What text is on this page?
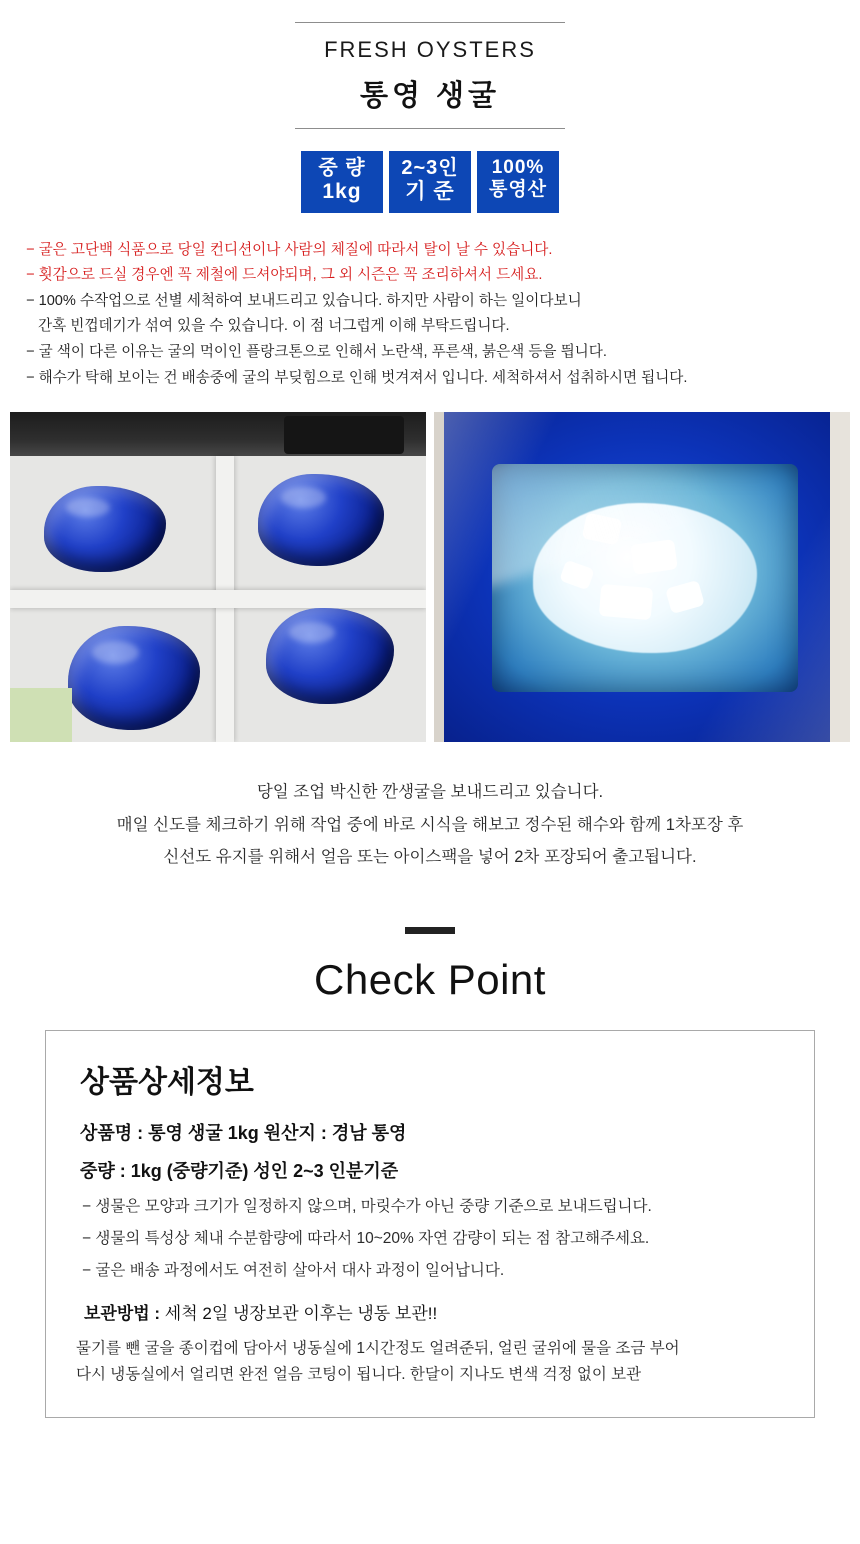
FRESH OYSTERS
통영 생굴
중 량
1kg
2~3인
기 준
100%
통영산
− 굴은 고단백 식품으로 당일 컨디션이나 사람의 체질에 따라서 탈이 날 수 있습니다.
− 횟감으로 드실 경우엔 꼭 제철에 드셔야되며, 그 외 시즌은 꼭 조리하셔서 드세요.
− 100% 수작업으로 선별 세척하여 보내드리고 있습니다. 하지만 사람이 하는 일이다보니
간혹 빈껍데기가 섞여 있을 수 있습니다. 이 점 너그럽게 이해 부탁드립니다.
− 굴 색이 다른 이유는 굴의 먹이인 플랑크톤으로 인해서 노란색, 푸른색, 붉은색 등을 띕니다.
− 해수가 탁해 보이는 건 배송중에 굴의 부딪힘으로 인해 벗겨져서 입니다. 세척하셔서 섭취하시면 됩니다.
당일 조업 박신한 깐생굴을 보내드리고 있습니다.
매일 신도를 체크하기 위해 작업 중에 바로 시식을 해보고 정수된 해수와 함께 1차포장 후
신선도 유지를 위해서 얼음 또는 아이스팩을 넣어 2차 포장되어 출고됩니다.
Check Point
상품상세정보
상품명 : 통영 생굴 1kg 원산지 : 경남 통영
중량 : 1kg (중량기준) 성인 2~3 인분기준
− 생물은 모양과 크기가 일정하지 않으며, 마릿수가 아닌 중량 기준으로 보내드립니다.
− 생물의 특성상 체내 수분함량에 따라서 10~20% 자연 감량이 되는 점 참고해주세요.
− 굴은 배송 과정에서도 여전히 살아서 대사 과정이 일어납니다.
보관방법 : 세척 2일 냉장보관 이후는 냉동 보관!!
물기를 뺀 굴을 종이컵에 담아서 냉동실에 1시간정도 얼려준뒤, 얼린 굴위에 물을 조금 부어
다시 냉동실에서 얼리면 완전 얼음 코팅이 됩니다. 한달이 지나도 변색 걱정 없이 보관
